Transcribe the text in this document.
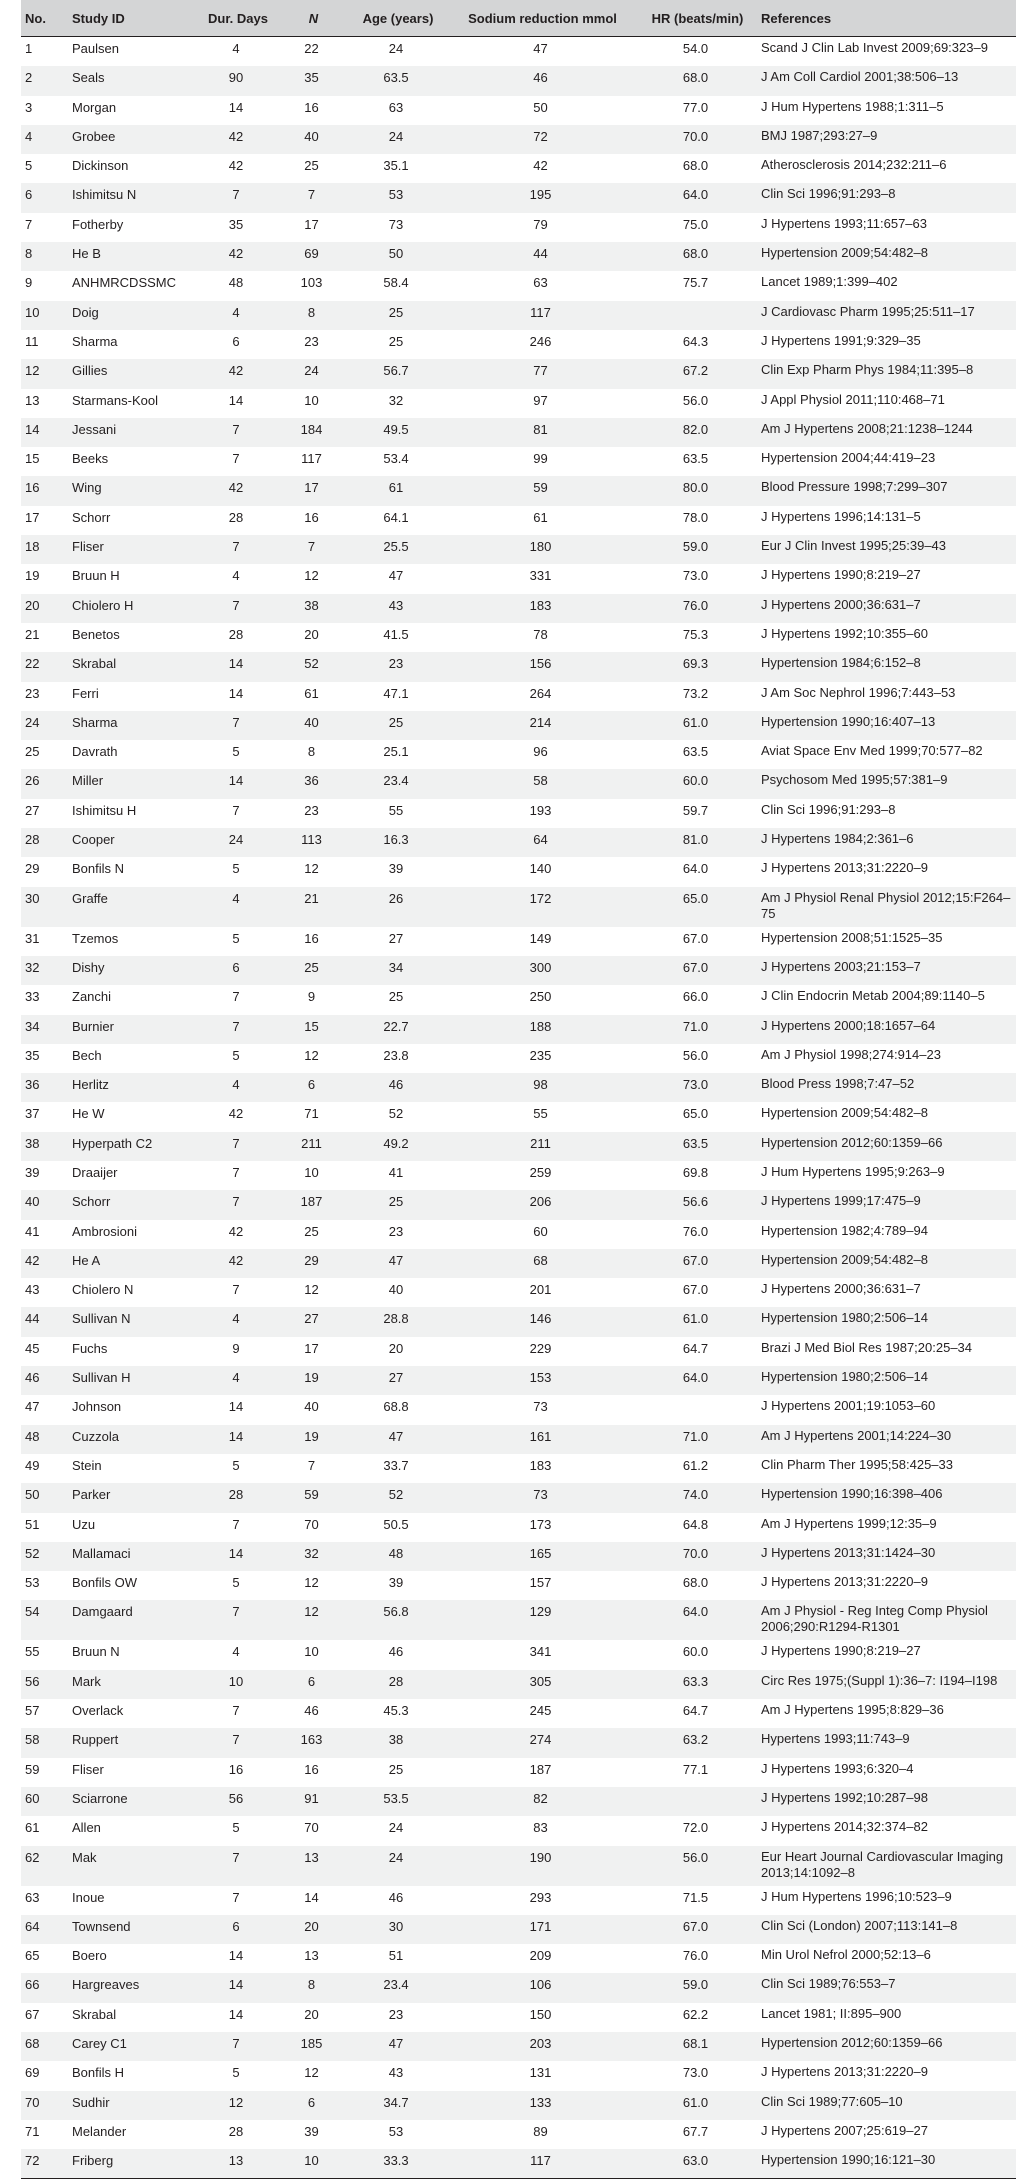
No.	Study ID	Dur. Days	N	Age (years)	Sodium reduction mmol	HR (beats/min)	References
1	Paulsen	4	22	24	47	54.0	Scand J Clin Lab Invest 2009;69:323–9
2	Seals	90	35	63.5	46	68.0	J Am Coll Cardiol 2001;38:506–13
3	Morgan	14	16	63	50	77.0	J Hum Hypertens 1988;1:311–5
4	Grobee	42	40	24	72	70.0	BMJ 1987;293:27–9
5	Dickinson	42	25	35.1	42	68.0	Atherosclerosis 2014;232:211–6
6	Ishimitsu N	7	7	53	195	64.0	Clin Sci 1996;91:293–8
7	Fotherby	35	17	73	79	75.0	J Hypertens 1993;11:657–63
8	He B	42	69	50	44	68.0	Hypertension 2009;54:482–8
9	ANHMRCDSSMC	48	103	58.4	63	75.7	Lancet 1989;1:399–402
10	Doig	4	8	25	117		J Cardiovasc Pharm 1995;25:511–17
11	Sharma	6	23	25	246	64.3	J Hypertens 1991;9:329–35
12	Gillies	42	24	56.7	77	67.2	Clin Exp Pharm Phys 1984;11:395–8
13	Starmans-Kool	14	10	32	97	56.0	J Appl Physiol 2011;110:468–71
14	Jessani	7	184	49.5	81	82.0	Am J Hypertens 2008;21:1238–1244
15	Beeks	7	117	53.4	99	63.5	Hypertension 2004;44:419–23
16	Wing	42	17	61	59	80.0	Blood Pressure 1998;7:299–307
17	Schorr	28	16	64.1	61	78.0	J Hypertens 1996;14:131–5
18	Fliser	7	7	25.5	180	59.0	Eur J Clin Invest 1995;25:39–43
19	Bruun H	4	12	47	331	73.0	J Hypertens 1990;8:219–27
20	Chiolero H	7	38	43	183	76.0	J Hypertens 2000;36:631–7
21	Benetos	28	20	41.5	78	75.3	J Hypertens 1992;10:355–60
22	Skrabal	14	52	23	156	69.3	Hypertension 1984;6:152–8
23	Ferri	14	61	47.1	264	73.2	J Am Soc Nephrol 1996;7:443–53
24	Sharma	7	40	25	214	61.0	Hypertension 1990;16:407–13
25	Davrath	5	8	25.1	96	63.5	Aviat Space Env Med 1999;70:577–82
26	Miller	14	36	23.4	58	60.0	Psychosom Med 1995;57:381–9
27	Ishimitsu H	7	23	55	193	59.7	Clin Sci 1996;91:293–8
28	Cooper	24	113	16.3	64	81.0	J Hypertens 1984;2:361–6
29	Bonfils N	5	12	39	140	64.0	J Hypertens 2013;31:2220–9
30	Graffe	4	21	26	172	65.0	Am J Physiol Renal Physiol 2012;15:F264–75
31	Tzemos	5	16	27	149	67.0	Hypertension 2008;51:1525–35
32	Dishy	6	25	34	300	67.0	J Hypertens 2003;21:153–7
33	Zanchi	7	9	25	250	66.0	J Clin Endocrin Metab 2004;89:1140–5
34	Burnier	7	15	22.7	188	71.0	J Hypertens 2000;18:1657–64
35	Bech	5	12	23.8	235	56.0	Am J Physiol 1998;274:914–23
36	Herlitz	4	6	46	98	73.0	Blood Press 1998;7:47–52
37	He W	42	71	52	55	65.0	Hypertension 2009;54:482–8
38	Hyperpath C2	7	211	49.2	211	63.5	Hypertension 2012;60:1359–66
39	Draaijer	7	10	41	259	69.8	J Hum Hypertens 1995;9:263–9
40	Schorr	7	187	25	206	56.6	J Hypertens 1999;17:475–9
41	Ambrosioni	42	25	23	60	76.0	Hypertension 1982;4:789–94
42	He A	42	29	47	68	67.0	Hypertension 2009;54:482–8
43	Chiolero N	7	12	40	201	67.0	J Hypertens 2000;36:631–7
44	Sullivan N	4	27	28.8	146	61.0	Hypertension 1980;2:506–14
45	Fuchs	9	17	20	229	64.7	Brazi J Med Biol Res 1987;20:25–34
46	Sullivan H	4	19	27	153	64.0	Hypertension 1980;2:506–14
47	Johnson	14	40	68.8	73		J Hypertens 2001;19:1053–60
48	Cuzzola	14	19	47	161	71.0	Am J Hypertens 2001;14:224–30
49	Stein	5	7	33.7	183	61.2	Clin Pharm Ther 1995;58:425–33
50	Parker	28	59	52	73	74.0	Hypertension 1990;16:398–406
51	Uzu	7	70	50.5	173	64.8	Am J Hypertens 1999;12:35–9
52	Mallamaci	14	32	48	165	70.0	J Hypertens 2013;31:1424–30
53	Bonfils OW	5	12	39	157	68.0	J Hypertens 2013;31:2220–9
54	Damgaard	7	12	56.8	129	64.0	Am J Physiol - Reg Integ Comp Physiol 2006;290:R1294-R1301
55	Bruun N	4	10	46	341	60.0	J Hypertens 1990;8:219–27
56	Mark	10	6	28	305	63.3	Circ Res 1975;(Suppl 1):36–7: I194–I198
57	Overlack	7	46	45.3	245	64.7	Am J Hypertens 1995;8:829–36
58	Ruppert	7	163	38	274	63.2	Hypertens 1993;11:743–9
59	Fliser	16	16	25	187	77.1	J Hypertens 1993;6:320–4
60	Sciarrone	56	91	53.5	82		J Hypertens 1992;10:287–98
61	Allen	5	70	24	83	72.0	J Hypertens 2014;32:374–82
62	Mak	7	13	24	190	56.0	Eur Heart Journal Cardiovascular Imaging 2013;14:1092–8
63	Inoue	7	14	46	293	71.5	J Hum Hypertens 1996;10:523–9
64	Townsend	6	20	30	171	67.0	Clin Sci (London) 2007;113:141–8
65	Boero	14	13	51	209	76.0	Min Urol Nefrol 2000;52:13–6
66	Hargreaves	14	8	23.4	106	59.0	Clin Sci 1989;76:553–7
67	Skrabal	14	20	23	150	62.2	Lancet 1981; II:895–900
68	Carey C1	7	185	47	203	68.1	Hypertension 2012;60:1359–66
69	Bonfils H	5	12	43	131	73.0	J Hypertens 2013;31:2220–9
70	Sudhir	12	6	34.7	133	61.0	Clin Sci 1989;77:605–10
71	Melander	28	39	53	89	67.7	J Hypertens 2007;25:619–27
72	Friberg	13	10	33.3	117	63.0	Hypertension 1990;16:121–30
